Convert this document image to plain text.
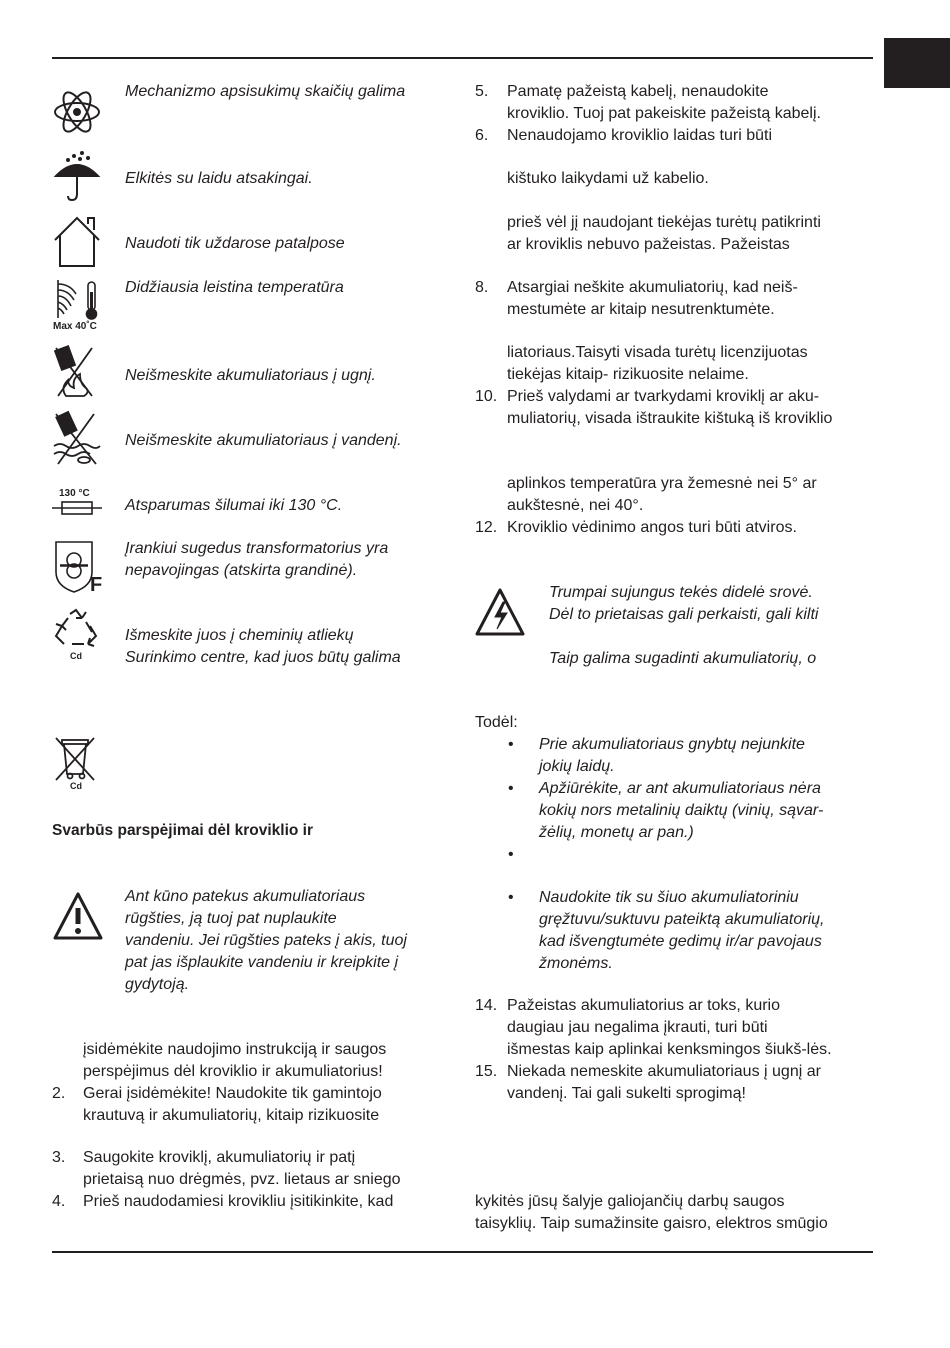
Mechanizmo apsisukimų skaičių galima
Elkitės su laidu atsakingai.
Naudoti tik uždarose patalpose
Max 40˚C
Didžiausia leistina temperatūra
Neišmeskite akumuliatoriaus į ugnį.
Neišmeskite akumuliatoriaus į vandenį.
130 °C
Atsparumas šilumai iki 130 °C.
F
Įrankiui sugedus transformatorius yra
nepavojingas (atskirta grandinė).
Cd
Išmeskite juos į cheminių atliekų
Surinkimo centre, kad juos būtų galima
Cd
Svarbūs parspėjimai dėl kroviklio ir
Ant kūno patekus akumuliatoriaus
rūgšties, ją tuoj pat nuplaukite
vandeniu. Jei rūgšties pateks į akis, tuoj
pat jas išplaukite vandeniu ir kreipkite į
gydytoją.
įsidėmėkite naudojimo instrukciją ir saugos
perspėjimus dėl kroviklio ir akumuliatorius!
2. Gerai įsidėmėkite! Naudokite tik gamintojo
krautuvą ir akumuliatorių, kitaip rizikuosite
3. Saugokite kroviklį, akumuliatorių ir patį
prietaisą nuo drėgmės, pvz. lietaus ar sniego
4. Prieš naudodamiesi krovikliu įsitikinkite, kad
5. Pamatę pažeistą kabelį, nenaudokite
kroviklio. Tuoj pat pakeiskite pažeistą kabelį.
6. Nenaudojamo kroviklio laidas turi būti
kištuko laikydami už kabelio.
prieš vėl jį naudojant tiekėjas turėtų patikrinti
ar kroviklis nebuvo pažeistas. Pažeistas
8. Atsargiai neškite akumuliatorių, kad neiš-
mestumėte ar kitaip nesutrenktumėte.
liatoriaus.Taisyti visada turėtų licenzijuotas
tiekėjas kitaip- rizikuosite nelaime.
10. Prieš valydami ar tvarkydami kroviklį ar aku-
muliatorių, visada ištraukite kištuką iš kroviklio
aplinkos temperatūra yra žemesnė nei 5° ar
aukštesnė, nei 40°.
12. Kroviklio vėdinimo angos turi būti atviros.
Trumpai sujungus tekės didelė srovė.
Dėl to prietaisas gali perkaisti, gali kilti
Taip galima sugadinti akumuliatorių, o
Todėl:
• Prie akumuliatoriaus gnybtų nejunkite
jokių laidų.
• Apžiūrėkite, ar ant akumuliatoriaus nėra
kokių nors metalinių daiktų (vinių, sąvar-
žėlių, monetų ar pan.)
•
• Naudokite tik su šiuo akumuliatoriniu
gręžtuvu/suktuvu pateiktą akumuliatorių,
kad išvengtumėte gedimų ir/ar pavojaus
žmonėms.
14. Pažeistas akumuliatorius ar toks, kurio
daugiau jau negalima įkrauti, turi būti
išmestas kaip aplinkai kenksmingos šiukš-lės.
15. Niekada nemeskite akumuliatoriaus į ugnį ar
vandenį. Tai gali sukelti sprogimą!
kykitės jūsų šalyje galiojančių darbų saugos
taisyklių. Taip sumažinsite gaisro, elektros smūgio
